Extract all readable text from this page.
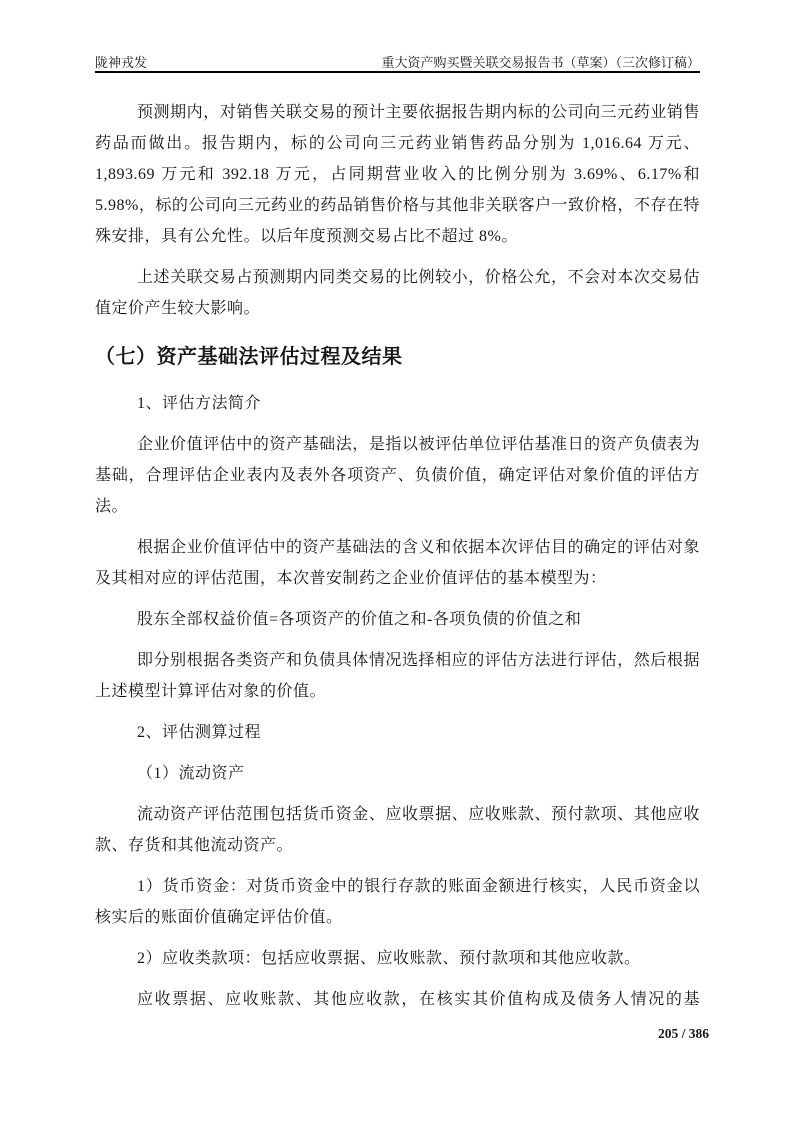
陇神戎发	重大资产购买暨关联交易报告书（草案）（三次修订稿）

预测期内，对销售关联交易的预计主要依据报告期内标的公司向三元药业销售药品而做出。报告期内，标的公司向三元药业销售药品分别为 1,016.64 万元、1,893.69 万元和 392.18 万元，占同期营业收入的比例分别为 3.69%、6.17%和 5.98%，标的公司向三元药业的药品销售价格与其他非关联客户一致价格，不存在特殊安排，具有公允性。以后年度预测交易占比不超过 8%。

上述关联交易占预测期内同类交易的比例较小，价格公允，不会对本次交易估值定价产生较大影响。

（七）资产基础法评估过程及结果

1、评估方法简介

企业价值评估中的资产基础法，是指以被评估单位评估基准日的资产负债表为基础，合理评估企业表内及表外各项资产、负债价值，确定评估对象价值的评估方法。

根据企业价值评估中的资产基础法的含义和依据本次评估目的确定的评估对象及其相对应的评估范围，本次普安制药之企业价值评估的基本模型为：

股东全部权益价值=各项资产的价值之和-各项负债的价值之和

即分别根据各类资产和负债具体情况选择相应的评估方法进行评估，然后根据上述模型计算评估对象的价值。

2、评估测算过程

（1）流动资产

流动资产评估范围包括货币资金、应收票据、应收账款、预付款项、其他应收款、存货和其他流动资产。

1）货币资金：对货币资金中的银行存款的账面金额进行核实，人民币资金以核实后的账面价值确定评估价值。

2）应收类款项：包括应收票据、应收账款、预付款项和其他应收款。

应收票据、应收账款、其他应收款，在核实其价值构成及债务人情况的基

205 / 386
